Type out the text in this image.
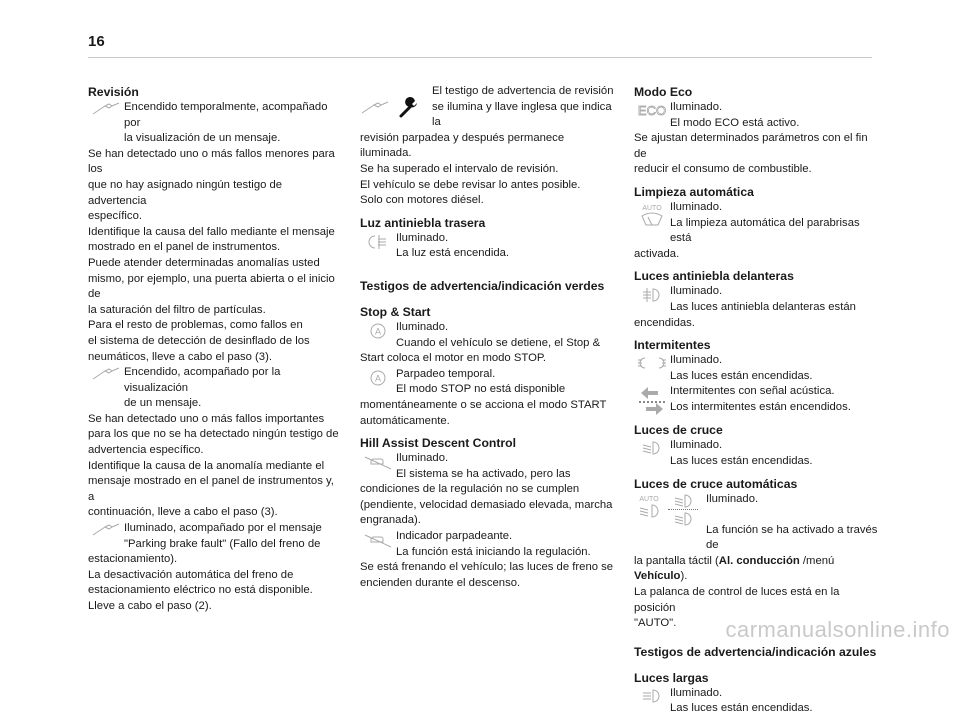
16
Revisión
Encendido temporalmente, acompañado por
la visualización de un mensaje.
Se han detectado uno o más fallos menores para los
que no hay asignado ningún testigo de advertencia
específico.
Identifique la causa del fallo mediante el mensaje
mostrado en el panel de instrumentos.
Puede atender determinadas anomalías usted
mismo, por ejemplo, una puerta abierta o el inicio de
la saturación del filtro de partículas.
Para el resto de problemas, como fallos en
el sistema de detección de desinflado de los
neumáticos, lleve a cabo el paso (3).
Encendido, acompañado por la visualización
de un mensaje.
Se han detectado uno o más fallos importantes
para los que no se ha detectado ningún testigo de
advertencia específico.
Identifique la causa de la anomalía mediante el
mensaje mostrado en el panel de instrumentos y, a
continuación, lleve a cabo el paso (3).
Iluminado, acompañado por el mensaje
"Parking brake fault" (Fallo del freno de
estacionamiento).
La desactivación automática del freno de
estacionamiento eléctrico no está disponible.
Lleve a cabo el paso (2).
El testigo de advertencia de revisión
se ilumina y llave inglesa que indica la
revisión parpadea y después permanece iluminada.
Se ha superado el intervalo de revisión.
El vehículo se debe revisar lo antes posible.
Solo con motores diésel.
Luz antiniebla trasera
Iluminado.
La luz está encendida.
Testigos de advertencia/indicación verdes
Stop & Start
A Iluminado.
Cuando el vehículo se detiene, el Stop &
Start coloca el motor en modo STOP.
A Parpadeo temporal.
El modo STOP no está disponible
momentáneamente o se acciona el modo START
automáticamente.
Hill Assist Descent Control
Iluminado.
El sistema se ha activado, pero las
condiciones de la regulación no se cumplen
(pendiente, velocidad demasiado elevada, marcha
engranada).
Indicador parpadeante.
La función está iniciando la regulación.
Se está frenando el vehículo; las luces de freno se
encienden durante el descenso.
Modo Eco
ECO Iluminado.
El modo ECO está activo.
Se ajustan determinados parámetros con el fin de
reducir el consumo de combustible.
Limpieza automática
AUTO Iluminado.
La limpieza automática del parabrisas está
activada.
Luces antiniebla delanteras
Iluminado.
Las luces antiniebla delanteras están
encendidas.
Intermitentes
Iluminado.
Las luces están encendidas.
Intermitentes con señal acústica.
Los intermitentes están encendidos.
Luces de cruce
Iluminado.
Las luces están encendidas.
Luces de cruce automáticas
AUTO	Iluminado.
La función se ha activado a través de
la pantalla táctil (Al. conducción /menú Vehículo).
La palanca de control de luces está en la posición
"AUTO".
Testigos de advertencia/indicación azules
Luces largas
Iluminado.
Las luces están encendidas.
carmanualsonline.info
